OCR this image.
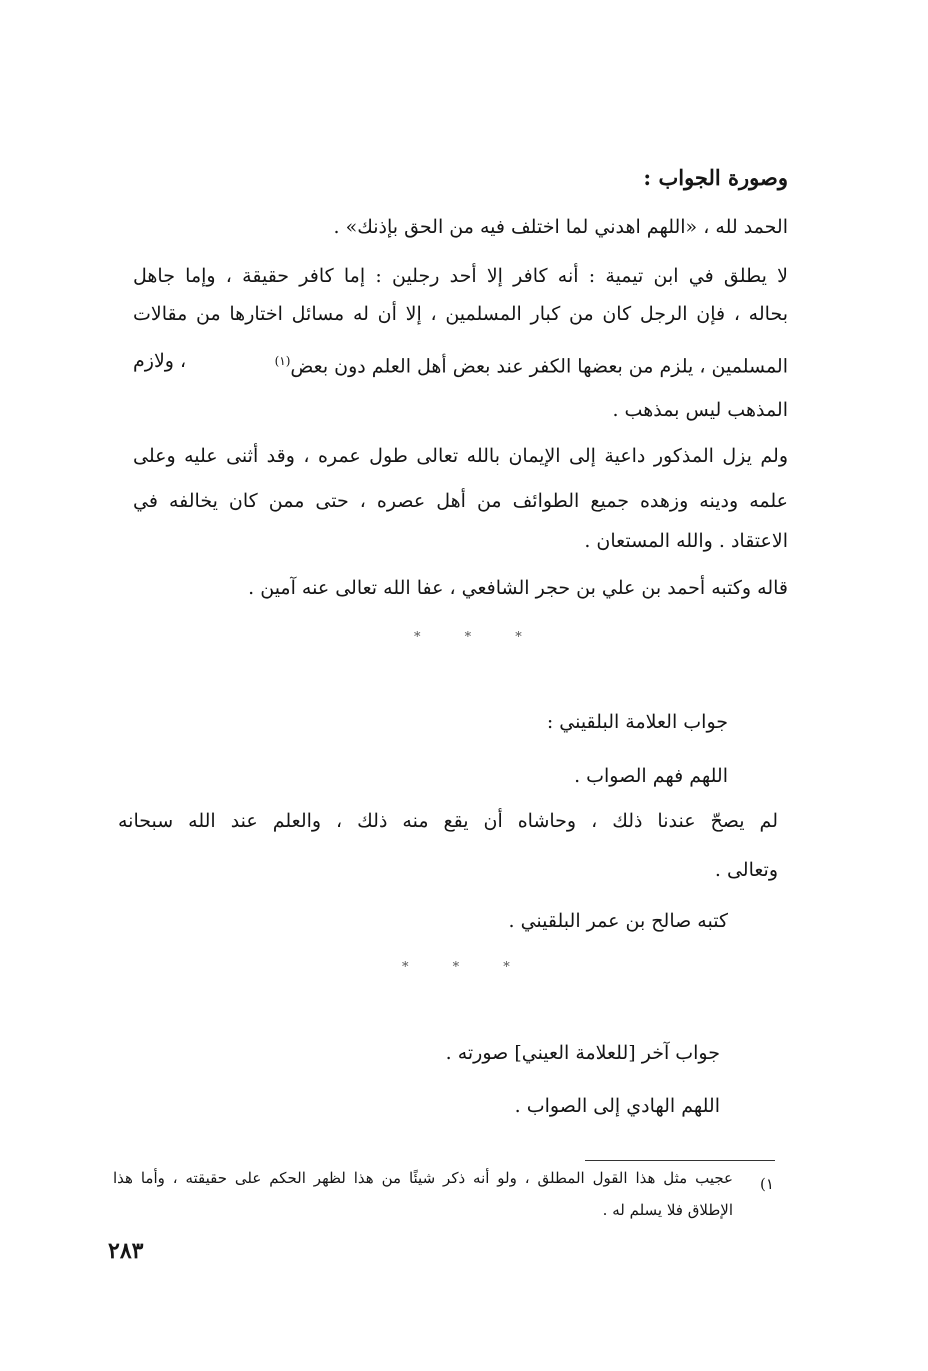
وصورة الجواب :
الحمد لله ، «اللهم اهدني لما اختلف فيه من الحق بإذنك» .
لا يطلق في ابن تيمية : أنه كافر إلا أحد رجلين : إما كافر حقيقة ، وإما جاهل
بحاله ، فإن الرجل كان من كبار المسلمين ، إلا أن له مسائل اختارها من مقالات
المسلمين ، يلزم من بعضها الكفر عند بعض أهل العلم دون بعض$^{(١)}$
، ولازم
المذهب ليس بمذهب .
ولم يزل المذكور داعية إلى الإيمان بالله تعالى طول عمره ، وقد أثنى عليه وعلى
علمه ودينه وزهده جميع الطوائف من أهل عصره ، حتى ممن كان يخالفه في
الاعتقاد . والله المستعان .
قاله وكتبه أحمد بن علي بن حجر الشافعي ، عفا الله تعالى عنه آمين .
* * *
جواب العلامة البلقيني :
اللهم فهم الصواب .
لم يصحّ عندنا ذلك ، وحاشاه أن يقع منه ذلك ، والعلم عند الله سبحانه
وتعالى .
كتبه صالح بن عمر البلقيني .
* * *
جواب آخر [للعلامة العيني] صورته .
اللهم الهادي إلى الصواب .
١)
عجيب مثل هذا القول المطلق ، ولو أنه ذكر شيئًا من هذا لظهر الحكم على حقيقته ، وأما هذا
الإطلاق فلا يسلم له .
٢٨٣
